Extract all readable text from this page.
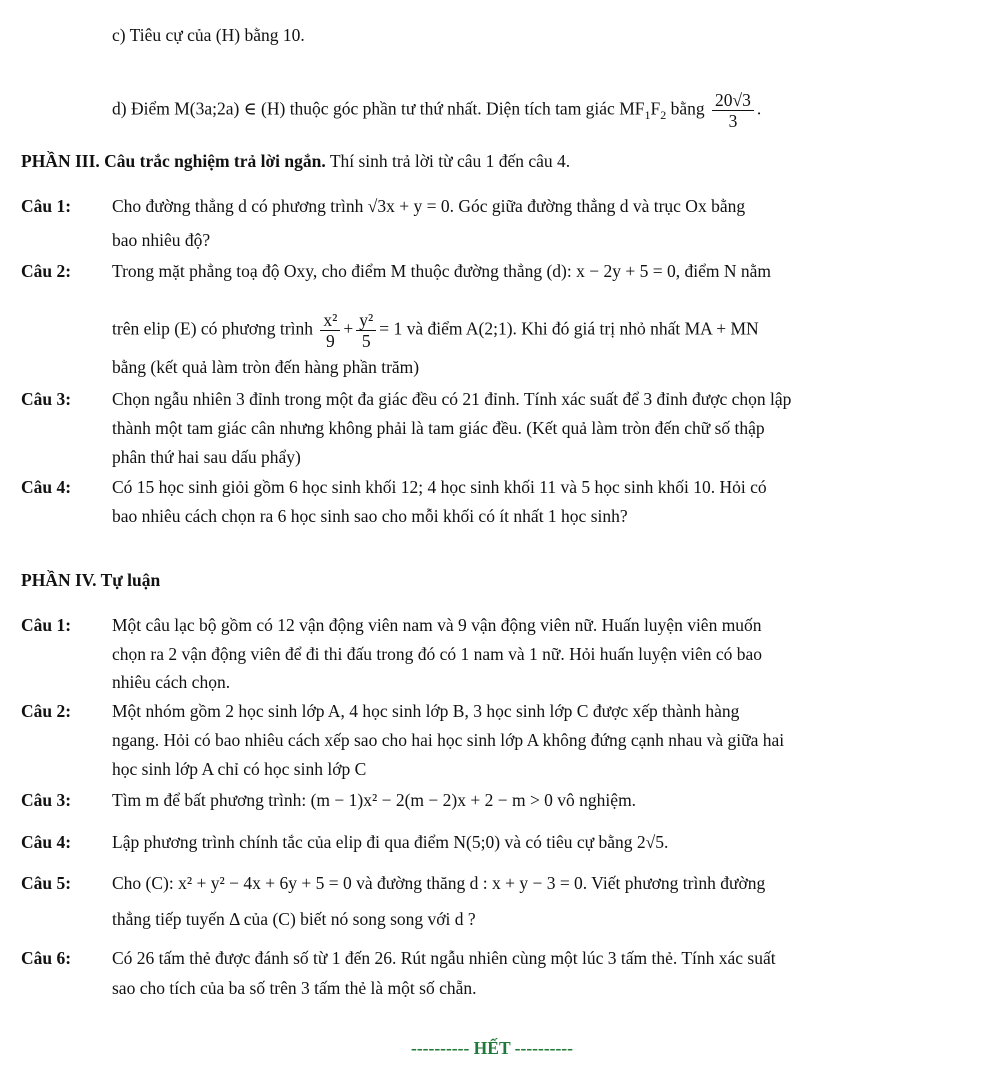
c) Tiêu cự của (H) bằng 10.
d) Điểm M(3a;2a) ∈ (H) thuộc góc phần tư thứ nhất. Diện tích tam giác $MF_1F_2$ bằng $\frac{20√3}{3}$ .
PHẦN III. Câu trắc nghiệm trả lời ngắn. Thí sinh trả lời từ câu 1 đến câu 4.
Câu 1: Cho đường thẳng d có phương trình √3x + y = 0. Góc giữa đường thẳng d và trục Ox bằng
bao nhiêu độ?
Câu 2: Trong mặt phẳng toạ độ Oxy, cho điểm M thuộc đường thẳng (d): x − 2y + 5 = 0, điểm N nằm
trên elip (E) có phương trình $\frac{\text{x²}}{9} + \frac{\text{y²}}{5} = 1$ và điểm A(2;1). Khi đó giá trị nhỏ nhất MA + MN
bằng (kết quả làm tròn đến hàng phần trăm)
Câu 3: Chọn ngẫu nhiên 3 đỉnh trong một đa giác đều có 21 đỉnh. Tính xác suất để 3 đỉnh được chọn lập
thành một tam giác cân nhưng không phải là tam giác đều. (Kết quả làm tròn đến chữ số thập
phân thứ hai sau dấu phẩy)
Câu 4: Có 15 học sinh giỏi gồm 6 học sinh khối 12; 4 học sinh khối 11 và 5 học sinh khối 10. Hỏi có
bao nhiêu cách chọn ra 6 học sinh sao cho mỗi khối có ít nhất 1 học sinh?
PHẦN IV. Tự luận
Câu 1: Một câu lạc bộ gồm có 12 vận động viên nam và 9 vận động viên nữ. Huấn luyện viên muốn
chọn ra 2 vận động viên để đi thi đấu trong đó có 1 nam và 1 nữ. Hỏi huấn luyện viên có bao
nhiêu cách chọn.
Câu 2: Một nhóm gồm 2 học sinh lớp A, 4 học sinh lớp B, 3 học sinh lớp C được xếp thành hàng
ngang. Hỏi có bao nhiêu cách xếp sao cho hai học sinh lớp A không đứng cạnh nhau và giữa hai
học sinh lớp A chỉ có học sinh lớp C
Câu 3: Tìm m để bất phương trình: (m − 1)x² − 2(m − 2)x + 2 − m > 0 vô nghiệm.
Câu 4: Lập phương trình chính tắc của elip đi qua điểm N(5;0) và có tiêu cự bằng 2√5.
Câu 5: Cho (C): x² + y² − 4x + 6y + 5 = 0 và đường thăng d : x + y − 3 = 0. Viết phương trình đường
thẳng tiếp tuyến Δ của (C) biết nó song song với d ?
Câu 6: Có 26 tấm thẻ được đánh số từ 1 đến 26. Rút ngẫu nhiên cùng một lúc 3 tấm thẻ. Tính xác suất
sao cho tích của ba số trên 3 tấm thẻ là một số chẵn.
---------- HẾT ----------
